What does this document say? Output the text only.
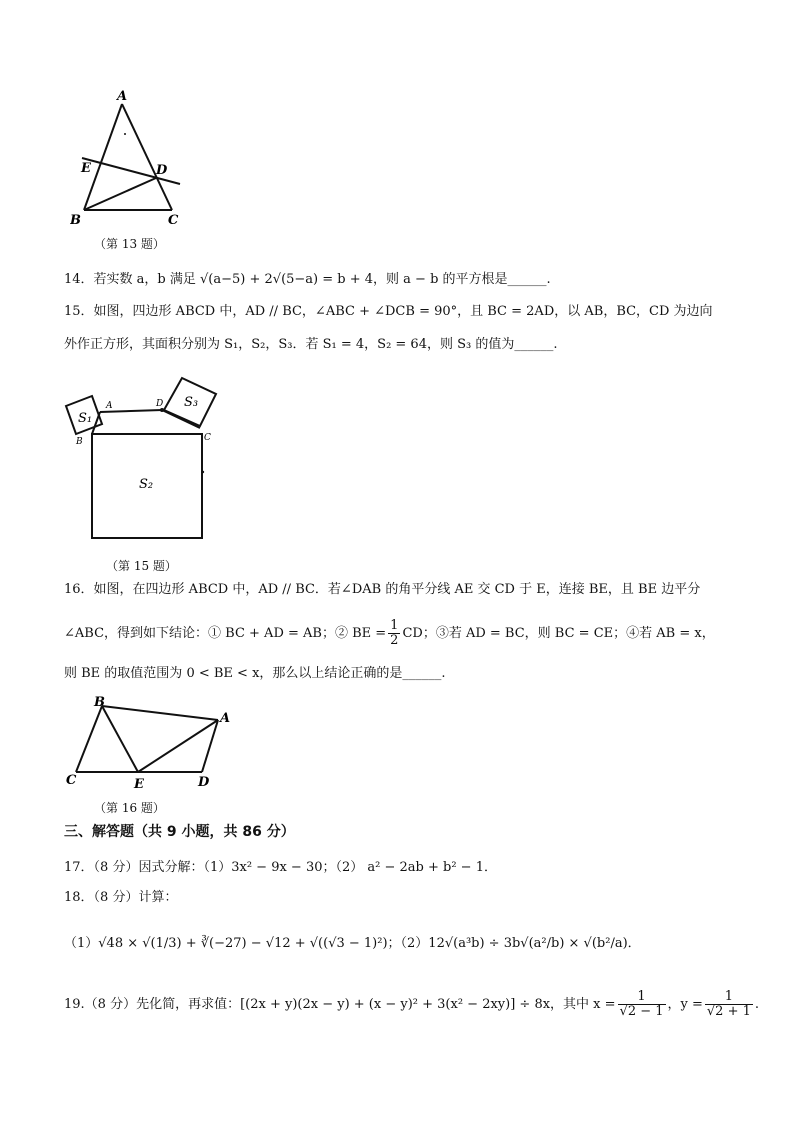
A
E	D
B	C
（第 13 题）
14．若实数 a，b 满足 √(a−5) + 2√(5−a) = b + 4，则 a − b 的平方根是______.
15．如图，四边形 ABCD 中，AD // BC，∠ABC + ∠DCB = 90°，且 BC = 2AD，以 AB，BC，CD 为边向
外作正方形，其面积分别为 S₁，S₂，S₃．若 S₁ = 4，S₂ = 64，则 S₃ 的值为______.
S₁
S₃
S₂
A	D
B	C
（第 15 题）
16．如图，在四边形 ABCD 中，AD // BC．若∠DAB 的角平分线 AE 交 CD 于 E，连接 BE，且 BE 边平分
∠ABC，得到如下结论：① BC + AD = AB；② BE = $\frac{1}{2}$ CD；③若 AD = BC，则 BC = CE；④若 AB = x，
则 BE 的取值范围为 0 < BE < x，那么以上结论正确的是______.
B
A
C	E	D
（第 16 题）
三、解答题（共 9 小题，共 86 分）
17．（8 分）因式分解：（1）3x² − 9x − 30；（2） a² − 2ab + b² − 1．
18．（8 分）计算：
（1）√48 × √(1/3) + ∛(−27) − √12 + √((√3 − 1)²)；（2）12√(a³b) ÷ 3b√(a²/b) × √(b²/a)．
19.（8 分）先化简，再求值：[(2x + y)(2x − y) + (x − y)² + 3(x² − 2xy)] ÷ 8x，其中 $x = \frac{1}{√2 - 1}$ ，$y = \frac{1}{√2 + 1}$ .
